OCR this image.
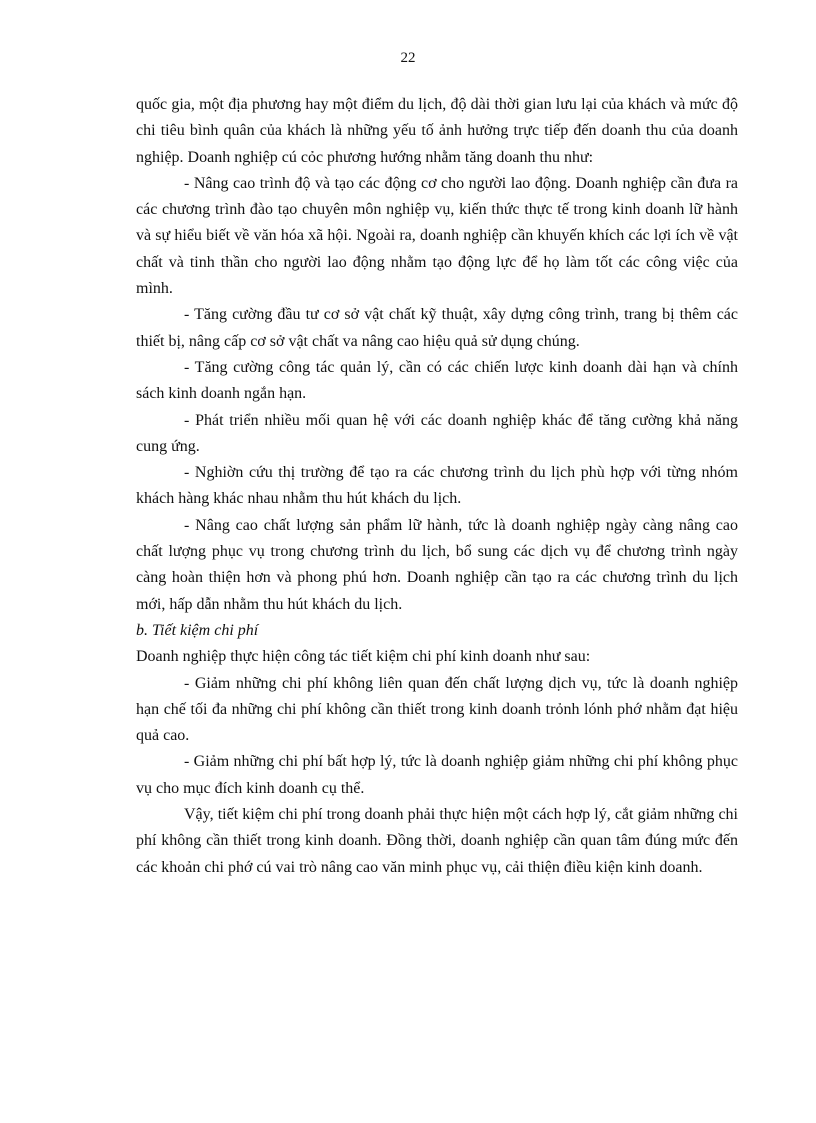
22

quốc gia, một địa phương hay một điểm du lịch, độ dài thời gian lưu lại của khách và mức độ chi tiêu bình quân của khách là những yếu tố ảnh hưởng trực tiếp đến doanh thu của doanh nghiệp. Doanh nghiệp cú cỏc phương hướng nhằm tăng doanh thu như:

- Nâng cao trình độ và tạo các động cơ cho người lao động. Doanh nghiệp cần đưa ra các chương trình đào tạo chuyên môn nghiệp vụ, kiến thức thực tế trong kinh doanh lữ hành và sự hiểu biết về văn hóa xã hội. Ngoài ra, doanh nghiệp cần khuyến khích các lợi ích về vật chất và tinh thần cho người lao động nhằm tạo động lực để họ làm tốt các công việc của mình.

- Tăng cường đầu tư cơ sở vật chất kỹ thuật, xây dựng công trình, trang bị thêm các thiết bị, nâng cấp cơ sở vật chất va nâng cao hiệu quả sử dụng chúng.

- Tăng cường công tác quản lý, cần có các chiến lược kinh doanh dài hạn và chính sách kinh doanh ngắn hạn.

- Phát triển nhiều mối quan hệ với các doanh nghiệp khác để tăng cường khả năng cung ứng.

- Nghiờn cứu thị trường để tạo ra các chương trình du lịch phù hợp với từng nhóm khách hàng khác nhau nhằm thu hút khách du lịch.

- Nâng cao chất lượng sản phẩm lữ hành, tức là doanh nghiệp ngày càng nâng cao chất lượng phục vụ trong chương trình du lịch, bổ sung các dịch vụ để chương trình ngày càng hoàn thiện hơn và phong phú hơn. Doanh nghiệp cần tạo ra các chương trình du lịch mới, hấp dẫn nhằm thu hút khách du lịch.

b. Tiết kiệm chi phí

Doanh nghiệp thực hiện công tác tiết kiệm chi phí kinh doanh như sau:

- Giảm những chi phí không liên quan đến chất lượng dịch vụ, tức là doanh nghiệp hạn chế tối đa những chi phí không cần thiết trong kinh doanh trỏnh lónh phớ nhằm đạt hiệu quả cao.

- Giảm những chi phí bất hợp lý, tức là doanh nghiệp giảm những chi phí không phục vụ cho mục đích kinh doanh cụ thể.

Vậy, tiết kiệm chi phí trong doanh phải thực hiện một cách hợp lý, cắt giảm những chi phí không cần thiết trong kinh doanh. Đồng thời, doanh nghiệp cần quan tâm đúng mức đến các khoản chi phớ cú vai trò nâng cao văn minh phục vụ, cải thiện điều kiện kinh doanh.
